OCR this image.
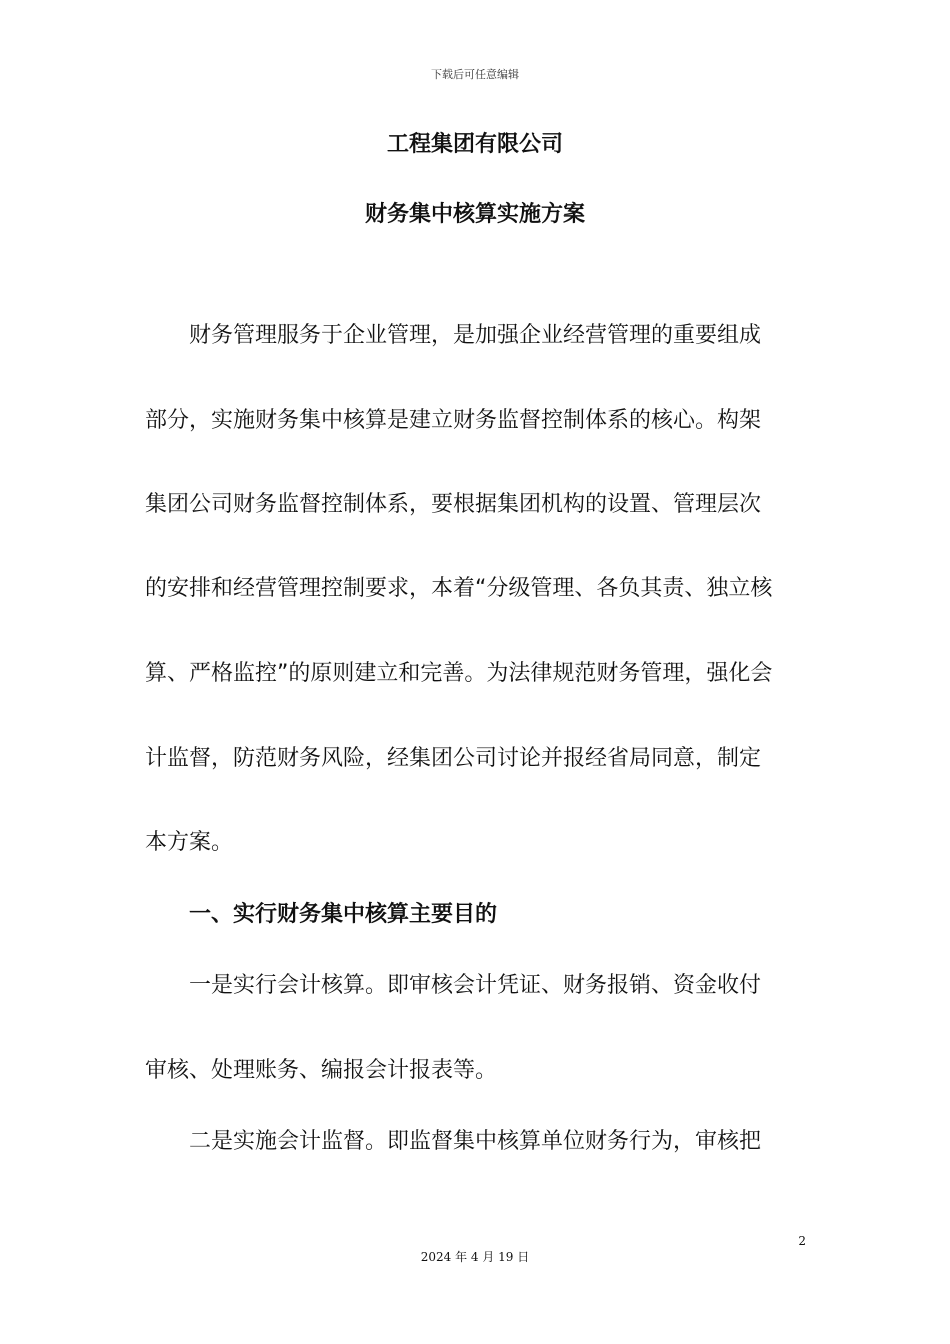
下载后可任意编辑
工程集团有限公司
财务集中核算实施方案
财务管理服务于企业管理，是加强企业经营管理的重要组成
部分，实施财务集中核算是建立财务监督控制体系的核心。构架
集团公司财务监督控制体系，要根据集团机构的设置、管理层次
的安排和经营管理控制要求，本着“分级管理、各负其责、独立核
算、严格监控”的原则建立和完善。为法律规范财务管理，强化会
计监督，防范财务风险，经集团公司讨论并报经省局同意，制定
本方案。
一、实行财务集中核算主要目的
一是实行会计核算。即审核会计凭证、财务报销、资金收付
审核、处理账务、编报会计报表等。
二是实施会计监督。即监督集中核算单位财务行为，审核把
2
2024 年 4 月 19 日
